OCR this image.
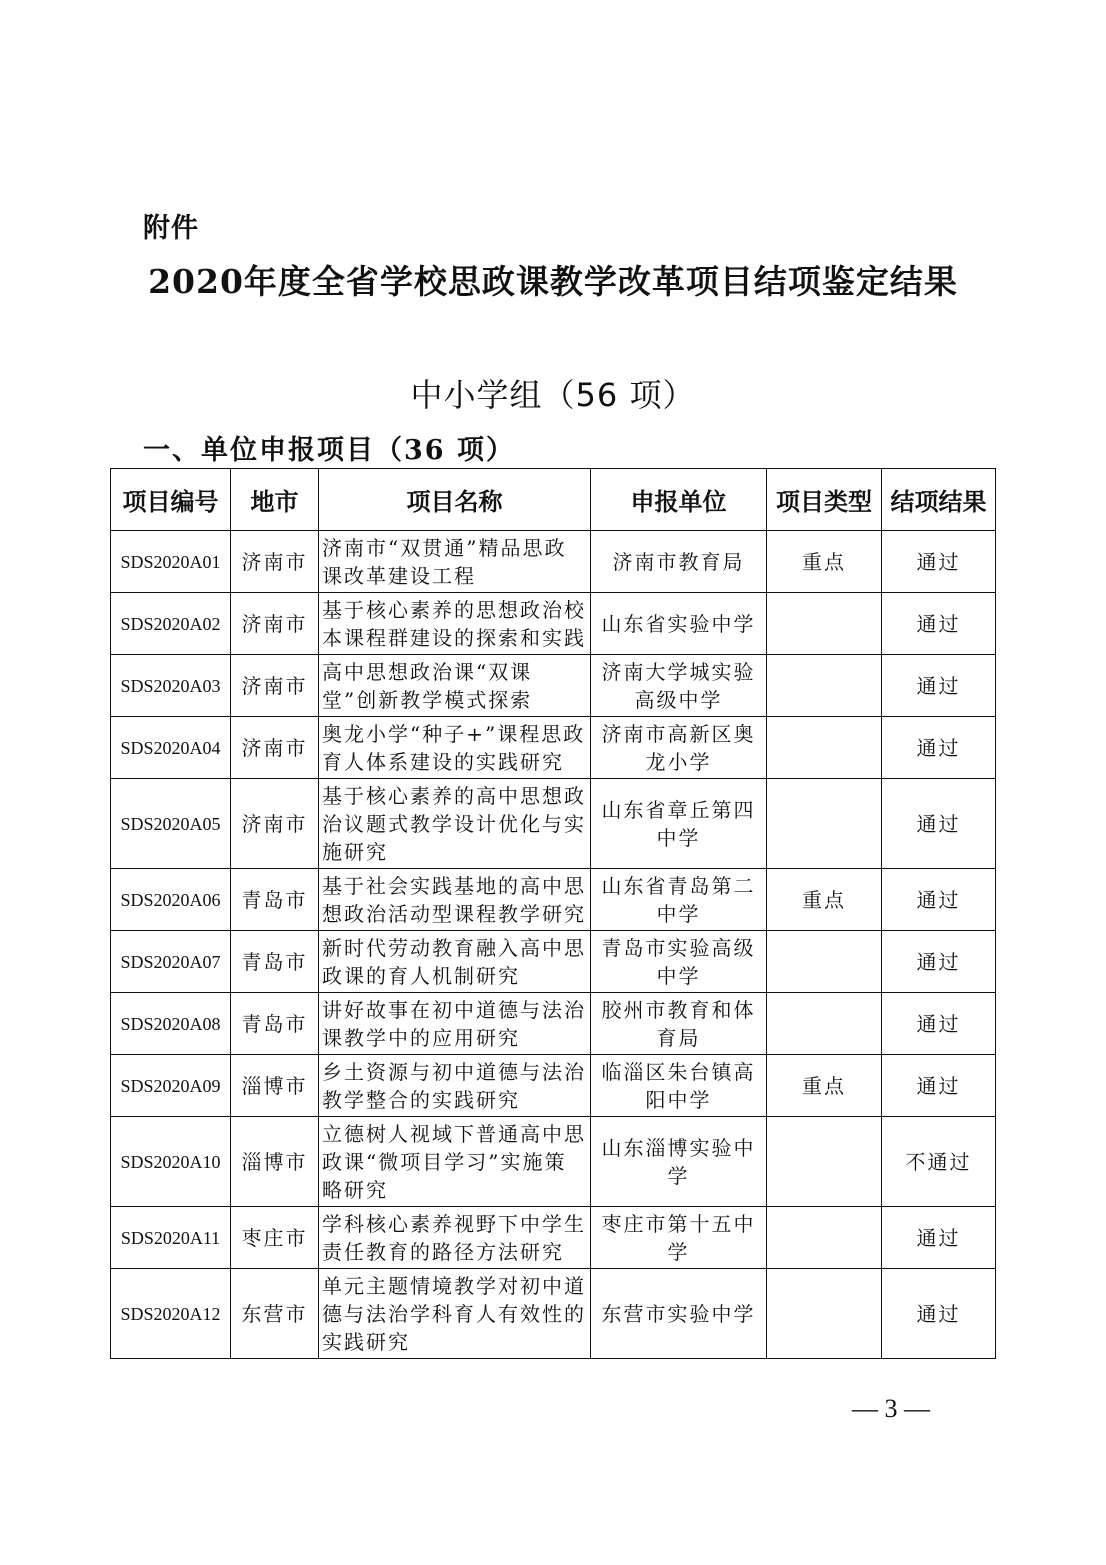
附件
2020年度全省学校思政课教学改革项目结项鉴定结果
中小学组（56 项）
一、单位申报项目（36 项）
项目编号	地市	项目名称	申报单位	项目类型	结项结果
SDS2020A01	济南市	济南市“双贯通”精品思政课改革建设工程	济南市教育局	重点	通过
SDS2020A02	济南市	基于核心素养的思想政治校本课程群建设的探索和实践	山东省实验中学		通过
SDS2020A03	济南市	高中思想政治课“双课堂”创新教学模式探索	济南大学城实验高级中学		通过
SDS2020A04	济南市	奥龙小学“种子+”课程思政育人体系建设的实践研究	济南市高新区奥龙小学		通过
SDS2020A05	济南市	基于核心素养的高中思想政治议题式教学设计优化与实施研究	山东省章丘第四中学		通过
SDS2020A06	青岛市	基于社会实践基地的高中思想政治活动型课程教学研究	山东省青岛第二中学	重点	通过
SDS2020A07	青岛市	新时代劳动教育融入高中思政课的育人机制研究	青岛市实验高级中学		通过
SDS2020A08	青岛市	讲好故事在初中道德与法治课教学中的应用研究	胶州市教育和体育局		通过
SDS2020A09	淄博市	乡土资源与初中道德与法治教学整合的实践研究	临淄区朱台镇高阳中学	重点	通过
SDS2020A10	淄博市	立德树人视域下普通高中思政课“微项目学习”实施策略研究	山东淄博实验中学		不通过
SDS2020A11	枣庄市	学科核心素养视野下中学生责任教育的路径方法研究	枣庄市第十五中学		通过
SDS2020A12	东营市	单元主题情境教学对初中道德与法治学科育人有效性的实践研究	东营市实验中学		通过
— 3 —
